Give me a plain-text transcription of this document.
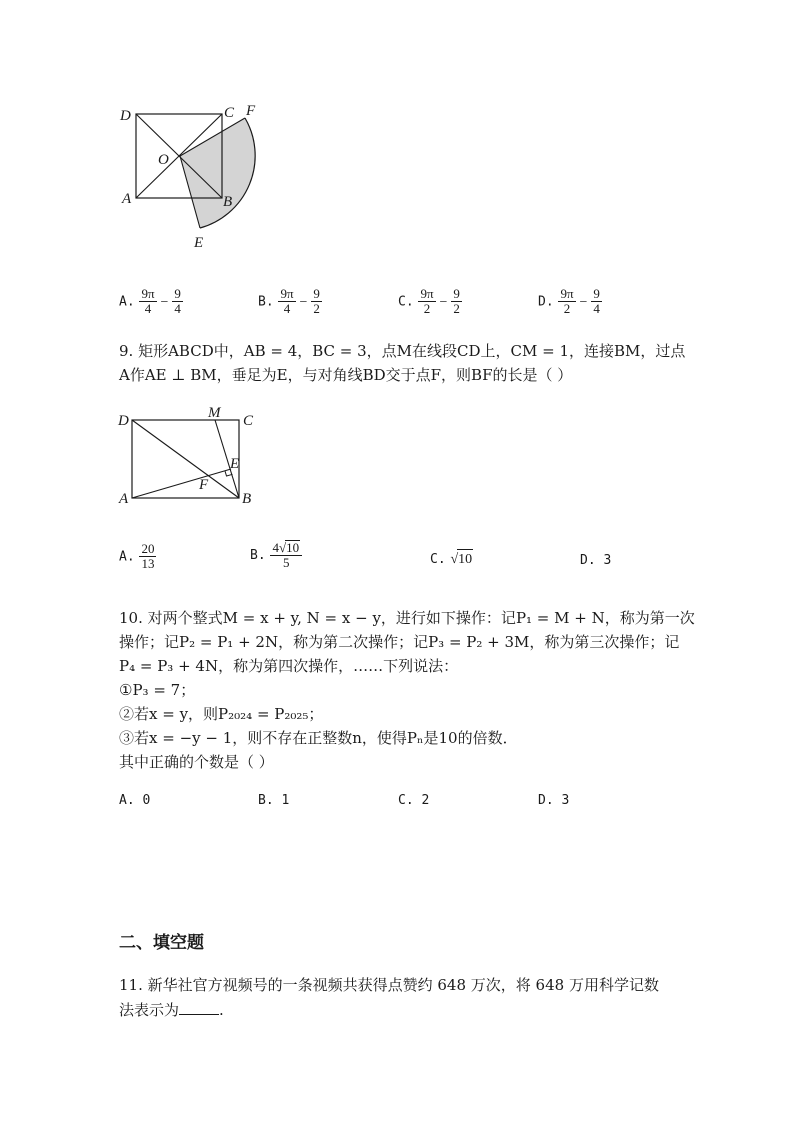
D	C F
O
A	B
E
A. $\frac{9\pi}{4} - \frac{9}{4}$	B. $\frac{9\pi}{4} - \frac{9}{2}$	C. $\frac{9\pi}{2} - \frac{9}{2}$	D. $\frac{9\pi}{2} - \frac{9}{4}$
9. 矩形ABCD中，AB = 4，BC = 3，点M在线段CD上，CM = 1，连接BM，过点
A作AE ⊥ BM，垂足为E，与对角线BD交于点F，则BF的长是（ ）
D	M C
E
F
A	B
A. $\frac{20}{13}$	B. $\frac{4√10}{5}$	C. √10	D. 3
10. 对两个整式M = x + y, N = x − y，进行如下操作：记P₁ = M + N，称为第一次
操作；记P₂ = P₁ + 2N，称为第二次操作；记P₃ = P₂ + 3M，称为第三次操作；记
P₄ = P₃ + 4N，称为第四次操作，……下列说法：
①P₃ = 7；
②若x = y，则P₂₀₂₄ = P₂₀₂₅；
③若x = −y − 1，则不存在正整数n，使得Pₙ是10的倍数．
其中正确的个数是（ ）
A. 0	B. 1	C. 2	D. 3
二、填空题
11. 新华社官方视频号的一条视频共获得点赞约 648 万次，将 648 万用科学记数
法表示为	.
